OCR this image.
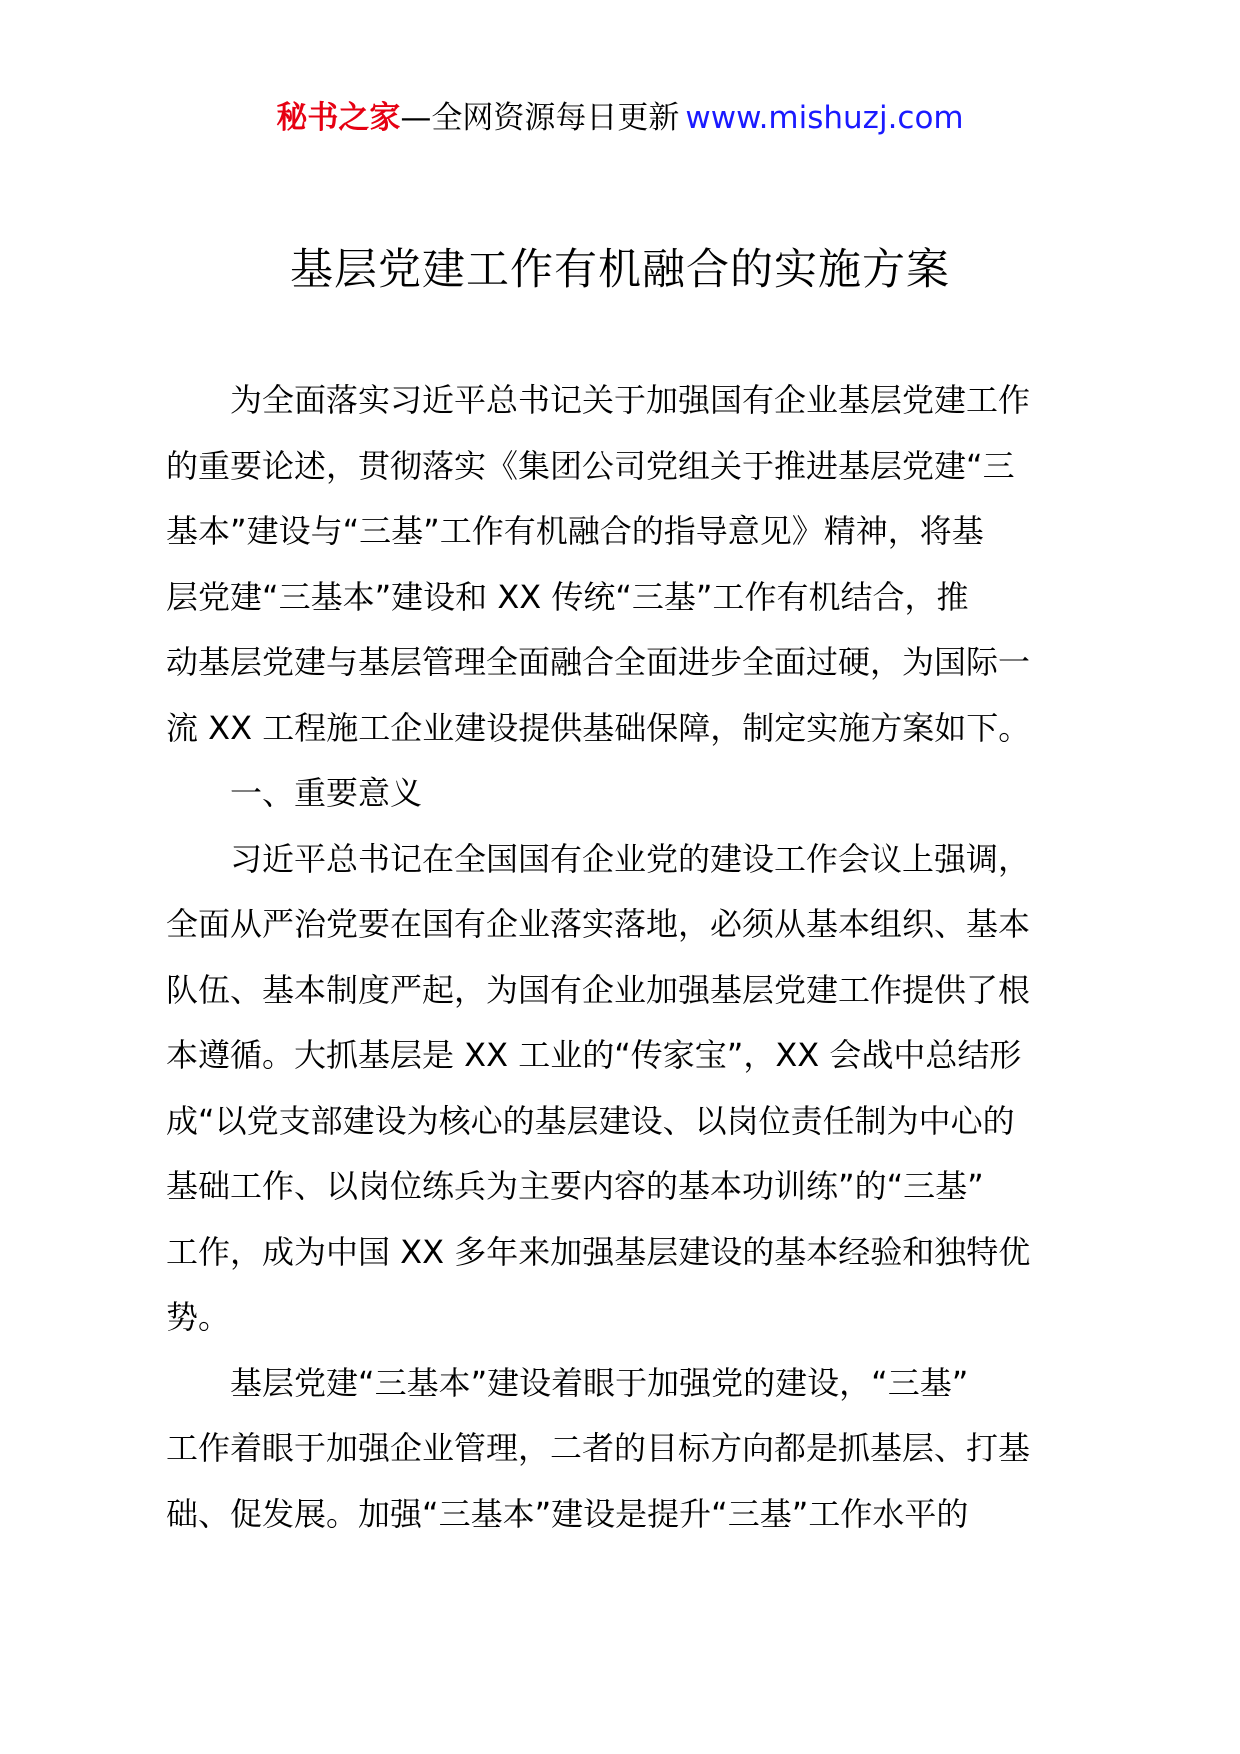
秘书之家—全网资源每日更新 www.mishuzj.com
基层党建工作有机融合的实施方案
为全面落实习近平总书记关于加强国有企业基层党建工作
的重要论述，贯彻落实《集团公司党组关于推进基层党建“三
基本”建设与“三基”工作有机融合的指导意见》精神，将基
层党建“三基本”建设和 XX 传统“三基”工作有机结合，推
动基层党建与基层管理全面融合全面进步全面过硬，为国际一
流 XX 工程施工企业建设提供基础保障，制定实施方案如下。
一、重要意义
习近平总书记在全国国有企业党的建设工作会议上强调，
全面从严治党要在国有企业落实落地，必须从基本组织、基本
队伍、基本制度严起，为国有企业加强基层党建工作提供了根
本遵循。大抓基层是 XX 工业的“传家宝”，XX 会战中总结形
成“以党支部建设为核心的基层建设、以岗位责任制为中心的
基础工作、以岗位练兵为主要内容的基本功训练”的“三基”
工作，成为中国 XX 多年来加强基层建设的基本经验和独特优
势。
基层党建“三基本”建设着眼于加强党的建设，“三基”
工作着眼于加强企业管理，二者的目标方向都是抓基层、打基
础、促发展。加强“三基本”建设是提升“三基”工作水平的
